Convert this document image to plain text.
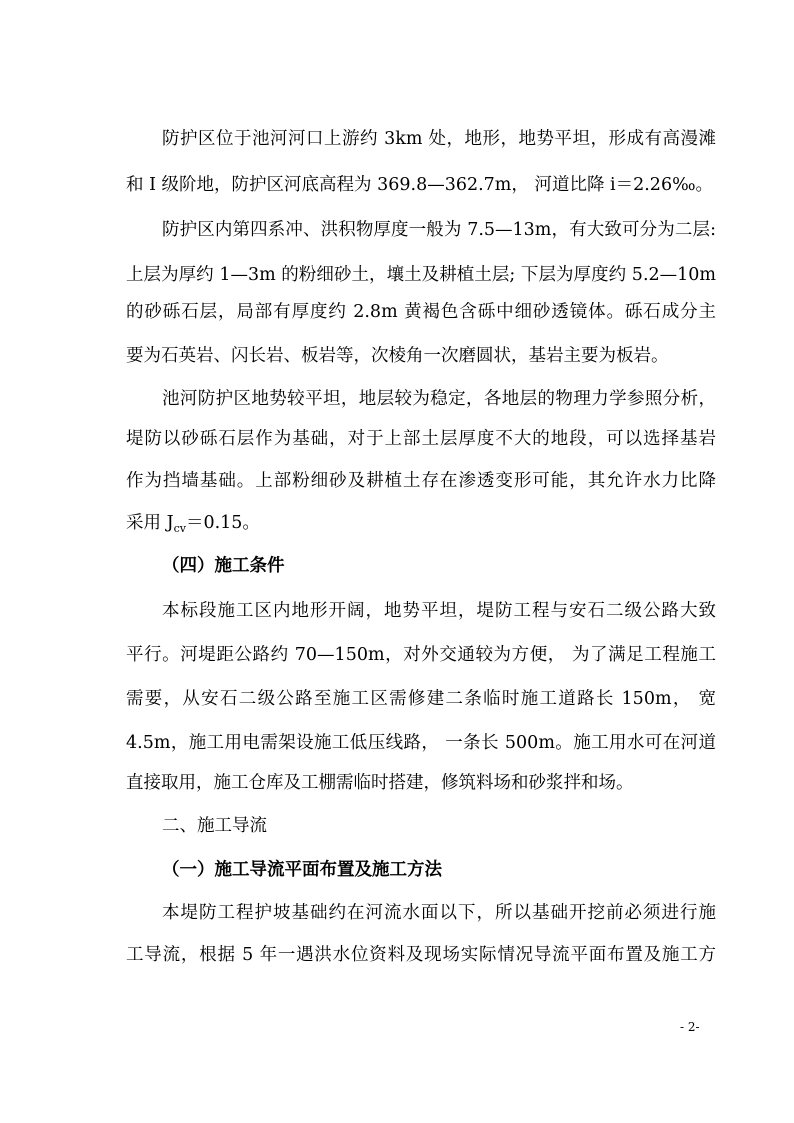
防护区位于池河河口上游约 3km 处，地形，地势平坦，形成有高漫滩
和 Ⅰ 级阶地，防护区河底高程为 369.8—362.7m， 河道比降 i＝2.26‰。
防护区内第四系冲、洪积物厚度一般为 7.5—13m，有大致可分为二层:
上层为厚约 1—3m 的粉细砂土，壤土及耕植土层; 下层为厚度约 5.2—10m
的砂砾石层，局部有厚度约 2.8m 黄褐色含砾中细砂透镜体。砾石成分主
要为石英岩、闪长岩、板岩等，次棱角一次磨圆状，基岩主要为板岩。
池河防护区地势较平坦，地层较为稳定，各地层的物理力学参照分析，
堤防以砂砾石层作为基础，对于上部土层厚度不大的地段，可以选择基岩
作为挡墙基础。上部粉细砂及耕植土存在渗透变形可能，其允许水力比降
采用 $J_{cv}=0.15$。
（四）施工条件
本标段施工区内地形开阔，地势平坦，堤防工程与安石二级公路大致
平行。河堤距公路约 70—150m，对外交通较为方便， 为了满足工程施工
需要，从安石二级公路至施工区需修建二条临时施工道路长 150m， 宽
4.5m，施工用电需架设施工低压线路， 一条长 500m。施工用水可在河道
直接取用，施工仓库及工棚需临时搭建，修筑料场和砂浆拌和场。
二、施工导流
（一）施工导流平面布置及施工方法
本堤防工程护坡基础约在河流水面以下，所以基础开挖前必须进行施
工导流，根据 5 年一遇洪水位资料及现场实际情况导流平面布置及施工方
- 2-
